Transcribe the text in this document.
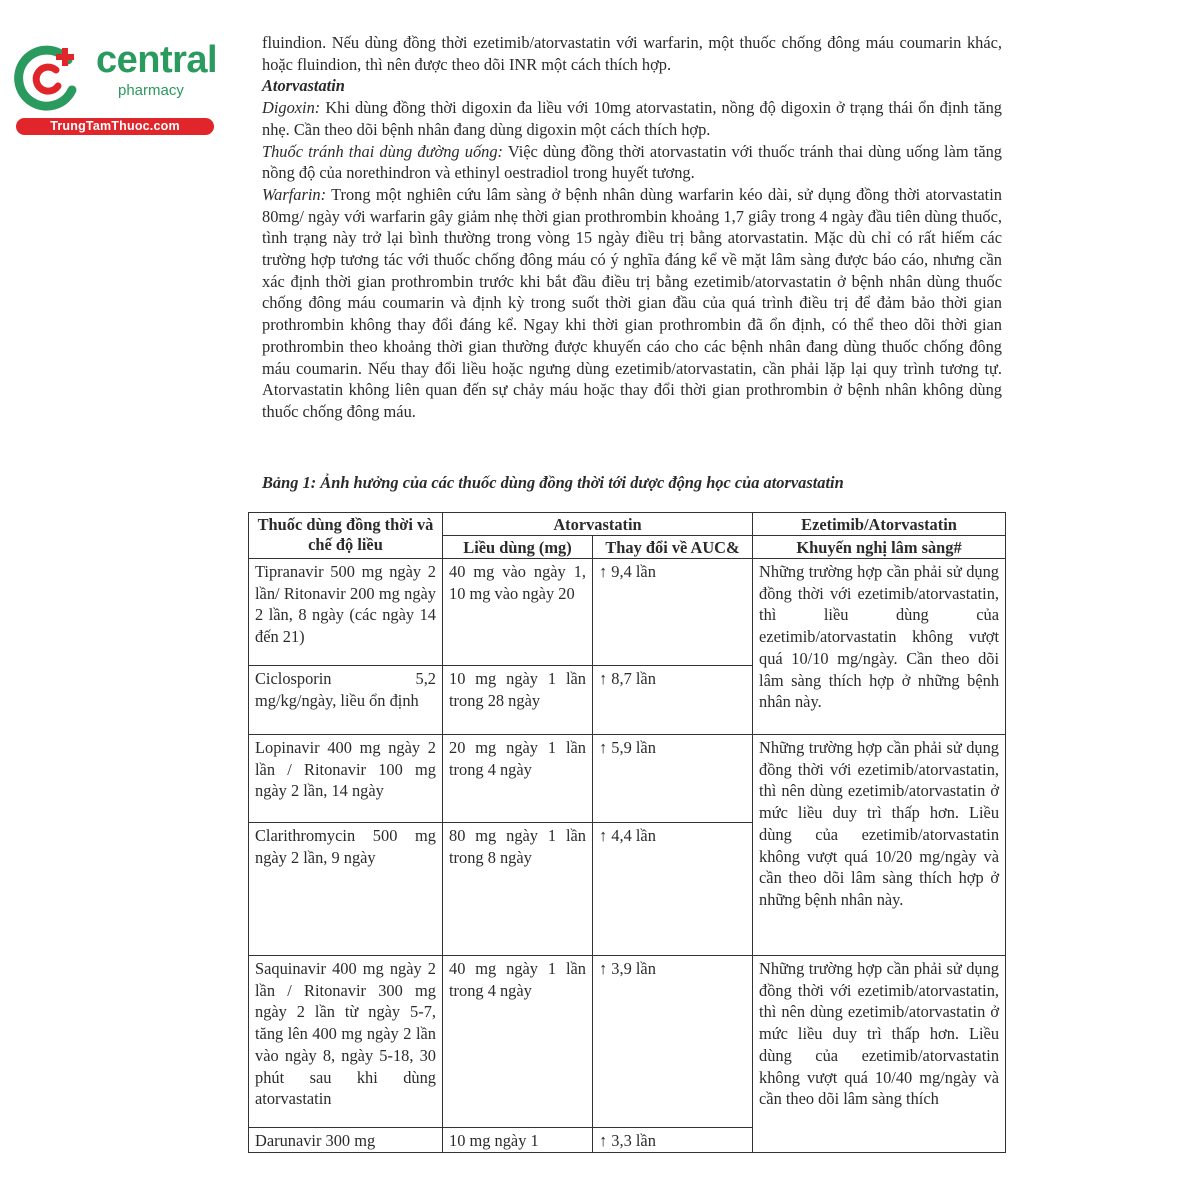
central
pharmacy
TrungTamThuoc.com

fluindion. Nếu dùng đồng thời ezetimib/atorvastatin với warfarin, một thuốc chống đông máu coumarin khác, hoặc fluindion, thì nên được theo dõi INR một cách thích hợp.

Atorvastatin

Digoxin: Khi dùng đồng thời digoxin đa liều với 10mg atorvastatin, nồng độ digoxin ở trạng thái ổn định tăng nhẹ. Cần theo dõi bệnh nhân đang dùng digoxin một cách thích hợp.

Thuốc tránh thai dùng đường uống: Việc dùng đồng thời atorvastatin với thuốc tránh thai dùng uống làm tăng nồng độ của norethindron và ethinyl oestradiol trong huyết tương.

Warfarin: Trong một nghiên cứu lâm sàng ở bệnh nhân dùng warfarin kéo dài, sử dụng đồng thời atorvastatin 80mg/ ngày với warfarin gây giảm nhẹ thời gian prothrombin khoảng 1,7 giây trong 4 ngày đầu tiên dùng thuốc, tình trạng này trở lại bình thường trong vòng 15 ngày điều trị bằng atorvastatin. Mặc dù chỉ có rất hiếm các trường hợp tương tác với thuốc chống đông máu có ý nghĩa đáng kể về mặt lâm sàng được báo cáo, nhưng cần xác định thời gian prothrombin trước khi bắt đầu điều trị bằng ezetimib/atorvastatin ở bệnh nhân dùng thuốc chống đông máu coumarin và định kỳ trong suốt thời gian đầu của quá trình điều trị để đảm bảo thời gian prothrombin không thay đổi đáng kể. Ngay khi thời gian prothrombin đã ổn định, có thể theo dõi thời gian prothrombin theo khoảng thời gian thường được khuyến cáo cho các bệnh nhân đang dùng thuốc chống đông máu coumarin. Nếu thay đổi liều hoặc ngưng dùng ezetimib/atorvastatin, cần phải lặp lại quy trình tương tự. Atorvastatin không liên quan đến sự chảy máu hoặc thay đổi thời gian prothrombin ở bệnh nhân không dùng thuốc chống đông máu.

Bảng 1: Ảnh hưởng của các thuốc dùng đồng thời tới dược động học của atorvastatin
Thuốc dùng đồng thời và chế độ liều	Atorvastatin		Ezetimib/Atorvastatin
	Liều dùng (mg)	Thay đổi về AUC&	Khuyến nghị lâm sàng#
Tipranavir 500 mg ngày 2 lần/ Ritonavir 200 mg ngày 2 lần, 8 ngày (các ngày 14 đến 21)	40 mg vào ngày 1, 10 mg vào ngày 20	↑ 9,4 lần	Những trường hợp cần phải sử dụng đồng thời với ezetimib/atorvastatin, thì liều dùng của ezetimib/atorvastatin không vượt quá 10/10 mg/ngày. Cần theo dõi lâm sàng thích hợp ở những bệnh nhân này.
Ciclosporin 5,2 mg/kg/ngày, liều ổn định	10 mg ngày 1 lần trong 28 ngày	↑ 8,7 lần	
Lopinavir 400 mg ngày 2 lần / Ritonavir 100 mg ngày 2 lần, 14 ngày	20 mg ngày 1 lần trong 4 ngày	↑ 5,9 lần	Những trường hợp cần phải sử dụng đồng thời với ezetimib/atorvastatin, thì nên dùng ezetimib/atorvastatin ở mức liều duy trì thấp hơn. Liều dùng của ezetimib/atorvastatin không vượt quá 10/20 mg/ngày và cần theo dõi lâm sàng thích hợp ở những bệnh nhân này.
Clarithromycin 500 mg ngày 2 lần, 9 ngày	80 mg ngày 1 lần trong 8 ngày	↑ 4,4 lần	
Saquinavir 400 mg ngày 2 lần / Ritonavir 300 mg ngày 2 lần từ ngày 5-7, tăng lên 400 mg ngày 2 lần vào ngày 8, ngày 5-18, 30 phút sau khi dùng atorvastatin	40 mg ngày 1 lần trong 4 ngày	↑ 3,9 lần	Những trường hợp cần phải sử dụng đồng thời với ezetimib/atorvastatin, thì nên dùng ezetimib/atorvastatin ở mức liều duy trì thấp hơn. Liều dùng của ezetimib/atorvastatin không vượt quá 10/40 mg/ngày và cần theo dõi lâm sàng thích
Darunavir 300 mg	10 mg ngày 1	↑ 3,3 lần	
